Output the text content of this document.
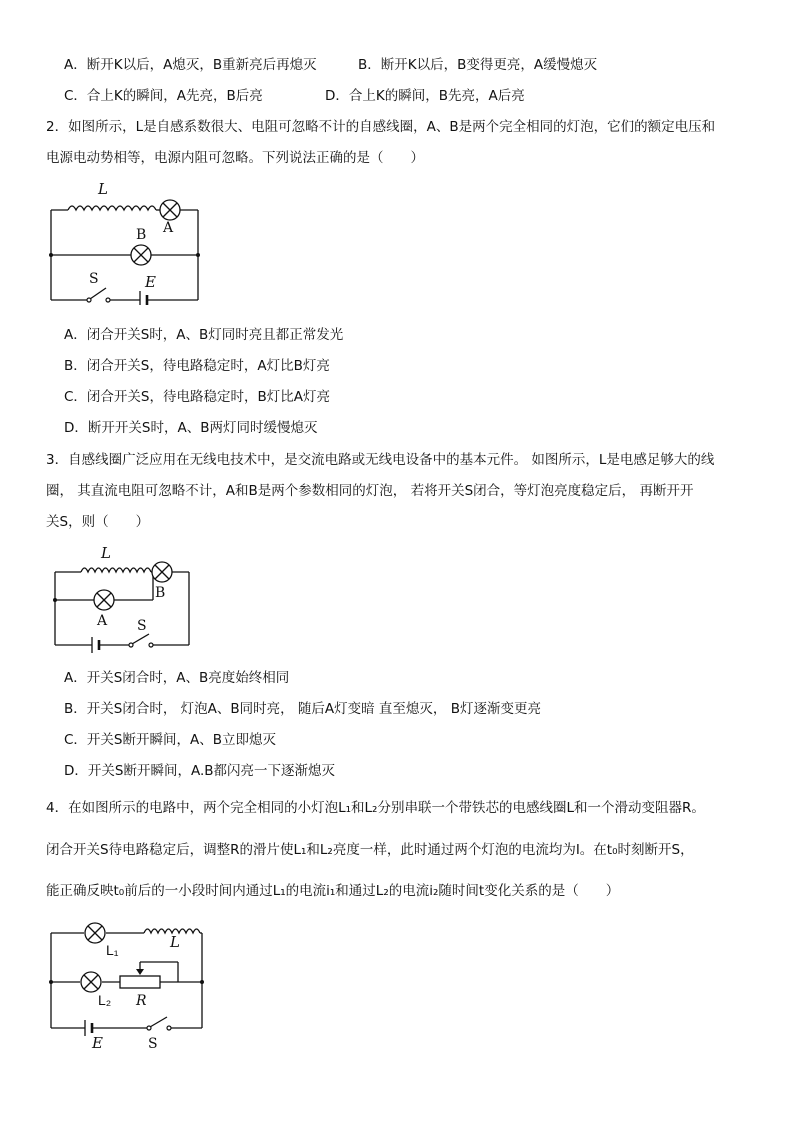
A．断开K以后，A熄灭，B重新亮后再熄灭	B．断开K以后，B变得更亮，A缓慢熄灭
C．合上K的瞬间，A先亮，B后亮	D．合上K的瞬间，B先亮，A后亮
2．如图所示，L是自感系数很大、电阻可忽略不计的自感线圈，A、B是两个完全相同的灯泡，它们的额定电压和
电源电动势相等，电源内阻可忽略。下列说法正确的是（　　）
L
A
B
S	E
A．闭合开关S时，A、B灯同时亮且都正常发光
B．闭合开关S，待电路稳定时，A灯比B灯亮
C．闭合开关S，待电路稳定时，B灯比A灯亮
D．断开开关S时，A、B两灯同时缓慢熄灭
3．自感线圈广泛应用在无线电技术中，是交流电路或无线电设备中的基本元件。 如图所示，L是电感足够大的线
圈， 其直流电阻可忽略不计，A和B是两个参数相同的灯泡， 若将开关S闭合，等灯泡亮度稳定后， 再断开开
关S，则（　　）
L
B
A S
A．开关S闭合时，A、B亮度始终相同
B．开关S闭合时， 灯泡A、B同时亮， 随后A灯变暗 直至熄灭， B灯逐渐变更亮
C．开关S断开瞬间，A、B立即熄灭
D．开关S断开瞬间，A.B都闪亮一下逐渐熄灭
4．在如图所示的电路中，两个完全相同的小灯泡L₁和L₂分别串联一个带铁芯的电感线圈L和一个滑动变阻器R。
闭合开关S待电路稳定后，调整R的滑片使L₁和L₂亮度一样，此时通过两个灯泡的电流均为I。在t₀时刻断开S，
能正确反映t₀前后的一小段时间内通过L₁的电流i₁和通过L₂的电流i₂随时间t变化关系的是（　　）
L₁	L
L₂ R
E	S
